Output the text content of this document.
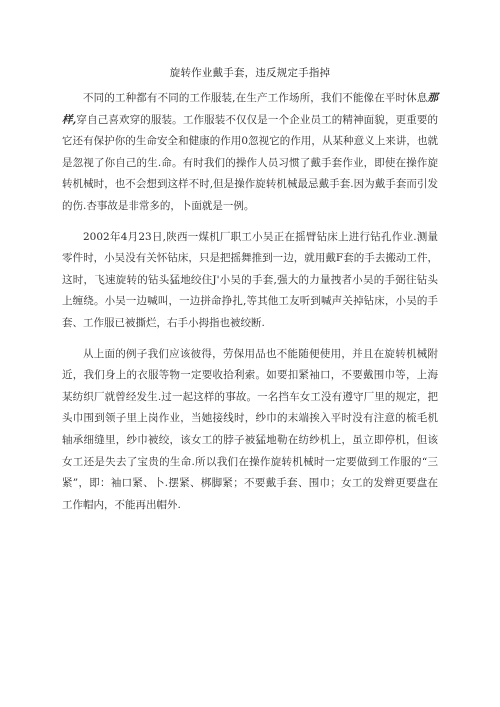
旋转作业戴手套，违反规定手指掉

不同的工种都有不同的工作服装,在生产工作场所，我们不能像在平时休息那样,穿自己喜欢穿的服装。工作服装不仅仅是一个企业员工的精神面貌，更重要的它还有保护你的生命安全和健康的作用0忽视它的作用，从某种意义上来讲，也就是忽视了你自己的生.命。有时我们的操作人员习惯了戴手套作业，即使在操作旋转机械时，也不会想到这样不时,但是操作旋转机械最忌戴手套.因为戴手套而引发的伤.杏事故是非常多的，卜面就是一例。

2002年4月23日,陕西一煤机厂职工小吴正在摇臂钻床上进行钻孔作业.测量零件时，小吴没有关怀钻床，只是把摇舞推到一边，就用戴F套的手去搬动工件，这时，飞速旋转的钻头猛地绞住J'小吴的手套,强大的力量拽者小吴的手弼往钻头上缠绕。小吴一边喊叫，一边拼命挣扎,等其他工友听到喊声关掉钻床，小吴的手套、工作服已被撕烂，右手小拇指也被绞断.

从上面的例子我们应该彼得，劳保用品也不能随便使用，并且在旋转机械附近，我们身上的衣服等物一定要收拾利索。如要扣紧袖口，不要戴围巾等，上海某纺织厂就曾经发生.过一起这样的事故。一名挡车女工没有遵守厂里的规定，把头巾围到领子里上岗作业，当她接线时，纱巾的末端挨入平时没有注意的梳毛机轴承细缝里，纱巾被绞，该女工的脖子被猛地勒在纺纱机上，虽立即停机，但该女工还是失去了宝贵的生命.所以我们在操作旋转机械时一定要做到工作服的“三紧”，即：袖口紧、卜.摆紧、梆脚紧；不要戴手套、围巾；女工的发辫更要盘在工作帽内，不能再出帽外.
